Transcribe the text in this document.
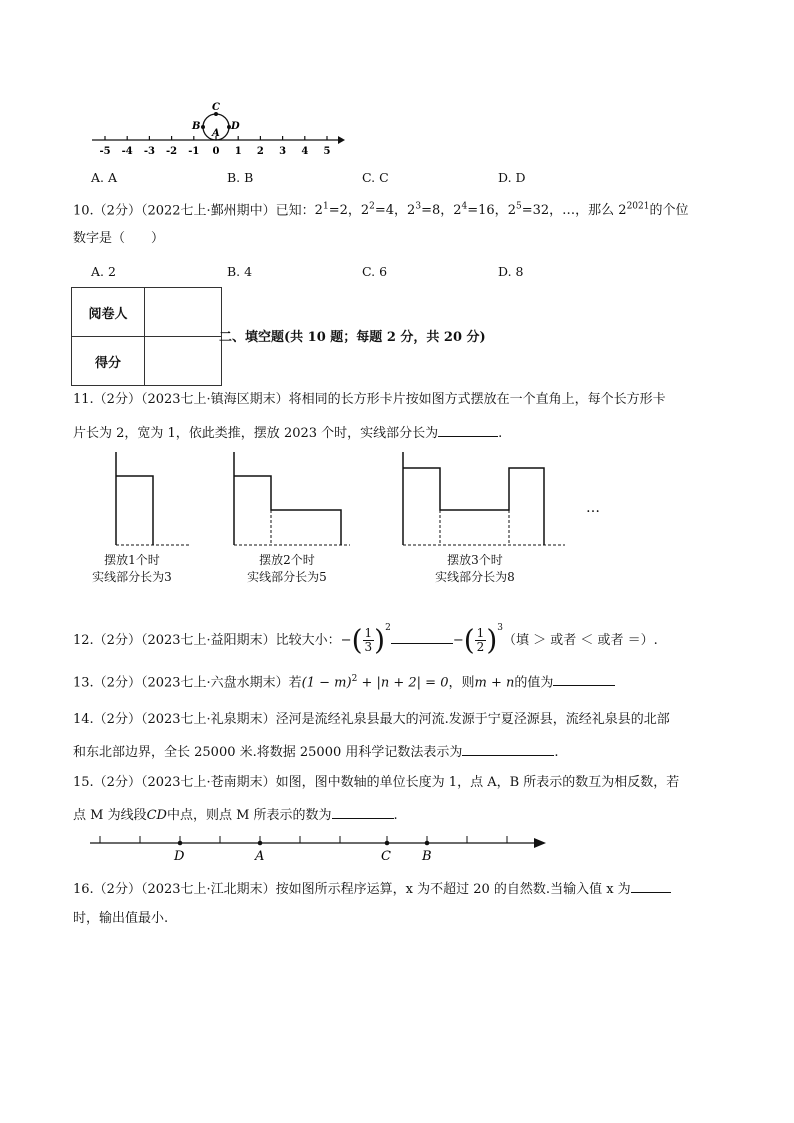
-5 -4 -3 -2 -1 0 1 2 3 4 5
C
B
A
D
A. A	B. B	C. C	D. D
10.（2分）（2022七上·鄞州期中）已知：$2^1=2$，$2^2=4$，$2^3=8$，$2^4=16$，$2^5=32$，…，那么 $2^{2021}$的个位
数字是（　　）
A. 2	B. 4	C. 6	D. 8
阅卷人	
得分	
二、填空题(共 10 题；每题 2 分，共 20 分)
11.（2分）（2023七上·镇海区期末）将相同的长方形卡片按如图方式摆放在一个直角上，每个长方形卡
片长为 2，宽为 1，依此类推，摆放 2023 个时，实线部分长为	.
…
摆放1个时
实线部分长为3
摆放2个时
实线部分长为5
摆放3个时
实线部分长为8
12.（2分）（2023七上·益阳期末）比较大小：−( $\frac{1}{3})^2-( \frac{1}{2})^3$（填 ＞ 或者 ＜ 或者 ＝）.
13.（2分）（2023七上·六盘水期末）若$(1 - m)^2 + |n + 2| = 0$，则m + n的值为
14.（2分）（2023七上·礼泉期末）泾河是流经礼泉县最大的河流.发源于宁夏泾源县，流经礼泉县的北部
和东北部边界，全长 25000 米.将数据 25000 用科学记数法表示为	.
15.（2分）（2023七上·苍南期末）如图，图中数轴的单位长度为 1，点 A，B 所表示的数互为相反数，若
点 M 为线段CD中点，则点 M 所表示的数为	.
D	A	C B
16.（2分）（2023七上·江北期末）按如图所示程序运算，x 为不超过 20 的自然数.当输入值 x 为
时，输出值最小.
